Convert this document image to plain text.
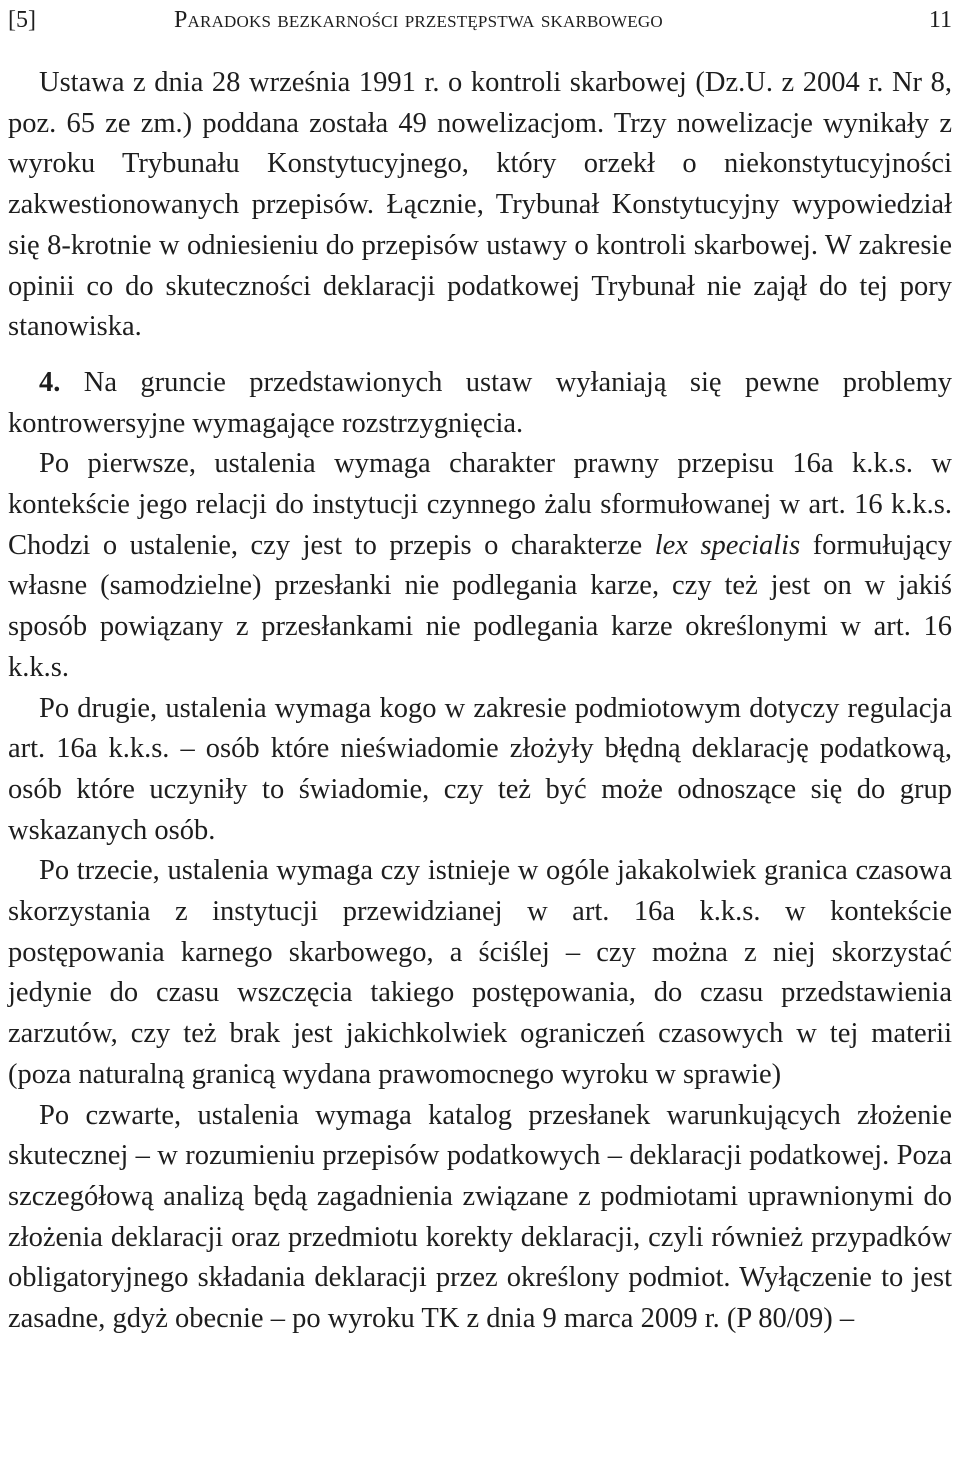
[5]	Paradoks bezkarności przestępstwa skarbowego	11

Ustawa z dnia 28 września 1991 r. o kontroli skarbowej (Dz.U. z 2004 r. Nr 8, poz. 65 ze zm.) poddana została 49 nowelizacjom. Trzy nowelizacje wynikały z wyroku Trybunału Konstytucyjnego, który orzekł o niekonstytucyjności zakwestionowanych przepisów. Łącznie, Trybunał Konstytucyjny wypowiedział się 8-krotnie w odniesieniu do przepisów ustawy o kontroli skarbowej. W zakresie opinii co do skuteczności deklaracji podatkowej Trybunał nie zajął do tej pory stanowiska.

4. Na gruncie przedstawionych ustaw wyłaniają się pewne problemy kontrowersyjne wymagające rozstrzygnięcia.

Po pierwsze, ustalenia wymaga charakter prawny przepisu 16a k.k.s. w kontekście jego relacji do instytucji czynnego żalu sformułowanej w art. 16 k.k.s. Chodzi o ustalenie, czy jest to przepis o charakterze lex specialis formułujący własne (samodzielne) przesłanki nie podlegania karze, czy też jest on w jakiś sposób powiązany z przesłankami nie podlegania karze określonymi w art. 16 k.k.s.

Po drugie, ustalenia wymaga kogo w zakresie podmiotowym dotyczy regulacja art. 16a k.k.s. – osób które nieświadomie złożyły błędną deklarację podatkową, osób które uczyniły to świadomie, czy też być może odnoszące się do grup wskazanych osób.

Po trzecie, ustalenia wymaga czy istnieje w ogóle jakakolwiek granica czasowa skorzystania z instytucji przewidzianej w art. 16a k.k.s. w kontekście postępowania karnego skarbowego, a ściślej – czy można z niej skorzystać jedynie do czasu wszczęcia takiego postępowania, do czasu przedstawienia zarzutów, czy też brak jest jakichkolwiek ograniczeń czasowych w tej materii (poza naturalną granicą wydana prawomocnego wyroku w sprawie)

Po czwarte, ustalenia wymaga katalog przesłanek warunkujących złożenie skutecznej – w rozumieniu przepisów podatkowych – deklaracji podatkowej. Poza szczegółową analizą będą zagadnienia związane z podmiotami uprawnionymi do złożenia deklaracji oraz przedmiotu korekty deklaracji, czyli również przypadków obligatoryjnego składania deklaracji przez określony podmiot. Wyłączenie to jest zasadne, gdyż obecnie – po wyroku TK z dnia 9 marca 2009 r. (P 80/09) –
